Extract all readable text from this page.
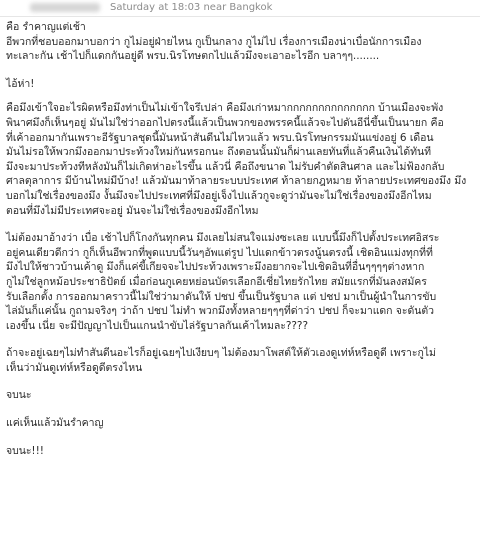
Saturday at 18:03 near Bangkok

คือ รำคาญแต่เช้า
อีพวกที่ชอบออกมาบอกว่า กูไม่อยู่ฝ่ายไหน กูเป็นกลาง กูไม่ไป เรื่องการเมืองน่าเบื่อนักการเมือง
ทะเลาะกัน เช้าไปก็แดกกันอยู่ดี พรบ.นิรโทษตกไปแล้วมึงจะเอาอะไรอีก บลาๆๆ........

ไอ้ห่า!

คือมึงเข้าใจอะไรผิดหรือมึงท่าเป็นไม่เข้าใจรึเปล่า คือมึงเก่าหมากกกกกกกกกกกกกก บ้านเมืองจะพัง
พินาศมึงก็เห็นๆอยู่ มันไม่ใช่ว่าออกไปตรงนี้แล้วเป็นพวกของพรรคนี้แล้วจะไปดันอีนี่ขึ้นเป็นนายก คือ
ที่เค้าออกมากันเพราะอีรัฐบาลชุดนี้มันหน้าสันดีนไม่ไหวแล้ว พรบ.นิรโทษกรรมมันแข่งอยู่ 6 เดือน
มันไม่รอให้พวกมึงออกมาประท้วงใหม่กันหรอกนะ ถึงตอนนั้นมันก็ผ่านเลยทันที่แล้วคืนเงินได้ทันที
มึงจะมาประท้วงทีหลังมันก็ไม่เกิดห่าอะไรขึ้น แล้วนี่ คือถึงขนาด ไม่รับคำตัดสินศาล และไม่ฟ้องกลับ
ศาลตุลาการ มีบ้านไหม่มีบ้าง! แล้วมันมาท้าลายระบบประเทศ ท้าลายกฎหมาย ท้าลายประเทศของมึง มึง
บอกไม่ใช่เรื่องของมึง งั้นมึงจะไปประเทศที่มึงอยู่เจ็งไปแล้วกูจะดูว่ามันจะไม่ใช่เรื่องของมึงอีกไหม
ตอนที่มึงไม่มีประเทศจะอยู่ มันจะไม่ใช่เรื่องของมึงอีกไหม

ไม่ต้องมาอ้างว่า เบื่อ เช้าไปก็โกงกันทุกคน มึงเลยไม่สนใจแม่งซะเลย แบบนี้มึงก็ไปตั้งประเทศอิสระ
อยู่คนเดียวดีกว่า กูก็เห็นอีพวกที่พูดแบบนี้วันๆอัพแต่รูป ไปแดกข้าวตรงนู้นตรงนี้ เชิดอินแม่งทุกที่ที่
มึงไปให้ชาวบ้านเค้าดู มึงก็แค่ขี้เกียจจะไปประท้วงเพราะมึงอยากจะไปเชิดอินที่อื่นๆๆๆๆต่างหาก
กูไม่ใช่ลูกหม้อประชาธิปัตย์ เมื่อก่อนกูเคยหย่อนบัตรเลือกอีเชี่ยไทยรักไทย สมัยแรกที่มันลงสมัคร
รับเลือกตั้ง การออกมาคราวนี้ไม่ใช่ว่ามาดันให้ ปชป ขึ้นเป็นรัฐบาล แต่ ปชป มาเป็นผู้นำในการขับ
ไล่มันก็แค่นั้น กูถามจริงๆ ว่าถ้า ปชป ไม่ทำ พวกมึงทั้งหลายๆๆๆที่ด่าว่า ปชป ก็จะมาแดก จะดันตัว
เองขึ้น เนี่ย จะมีปัญญาไปเป็นแกนนำขับไล่รัฐบาลกันเค้าไหมละ????

ถ้าจะอยู่เฉยๆไม่ทำสันดีนอะไรก็อยู่เฉยๆไปเงียบๆ ไม่ต้องมาโพสต์ให้ตัวเองดูเท่ห์หรือดูดี เพราะกูไม่
เห็นว่ามันดูเท่ห์หรือดูดีตรงไหน

จบนะ

แค่เห็นแล้วมันรำคาญ

จบนะ!!!
